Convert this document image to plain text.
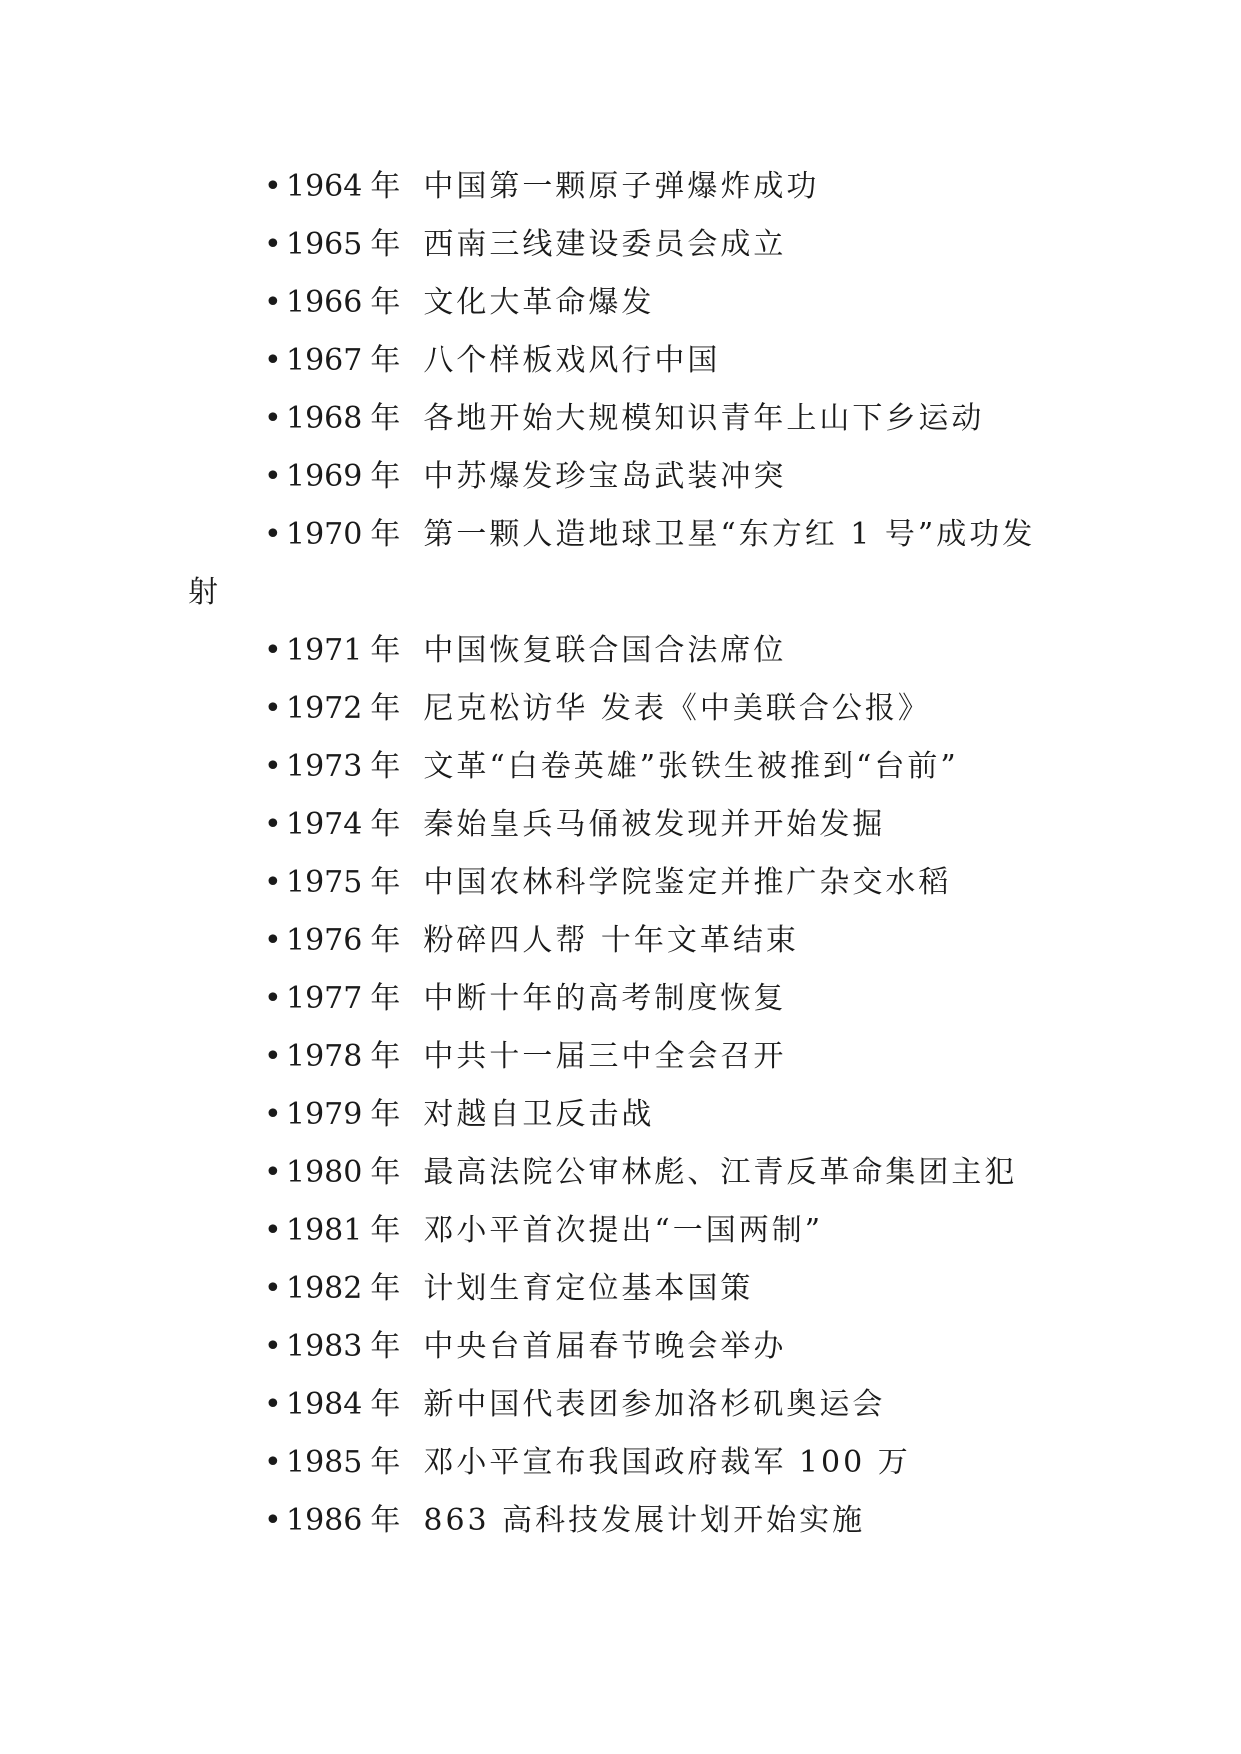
•1964 年 中国第一颗原子弹爆炸成功
•1965 年 西南三线建设委员会成立
•1966 年 文化大革命爆发
•1967 年 八个样板戏风行中国
•1968 年 各地开始大规模知识青年上山下乡运动
•1969 年 中苏爆发珍宝岛武装冲突
•1970 年 第一颗人造地球卫星“东方红 1 号”成功发
射
•1971 年 中国恢复联合国合法席位
•1972 年 尼克松访华 发表《中美联合公报》
•1973 年 文革“白卷英雄”张铁生被推到“台前”
•1974 年 秦始皇兵马俑被发现并开始发掘
•1975 年 中国农林科学院鉴定并推广杂交水稻
•1976 年 粉碎四人帮 十年文革结束
•1977 年 中断十年的高考制度恢复
•1978 年 中共十一届三中全会召开
•1979 年 对越自卫反击战
•1980 年 最高法院公审林彪、江青反革命集团主犯
•1981 年 邓小平首次提出“一国两制”
•1982 年 计划生育定位基本国策
•1983 年 中央台首届春节晚会举办
•1984 年 新中国代表团参加洛杉矶奥运会
•1985 年 邓小平宣布我国政府裁军 100 万
•1986 年 863 高科技发展计划开始实施
